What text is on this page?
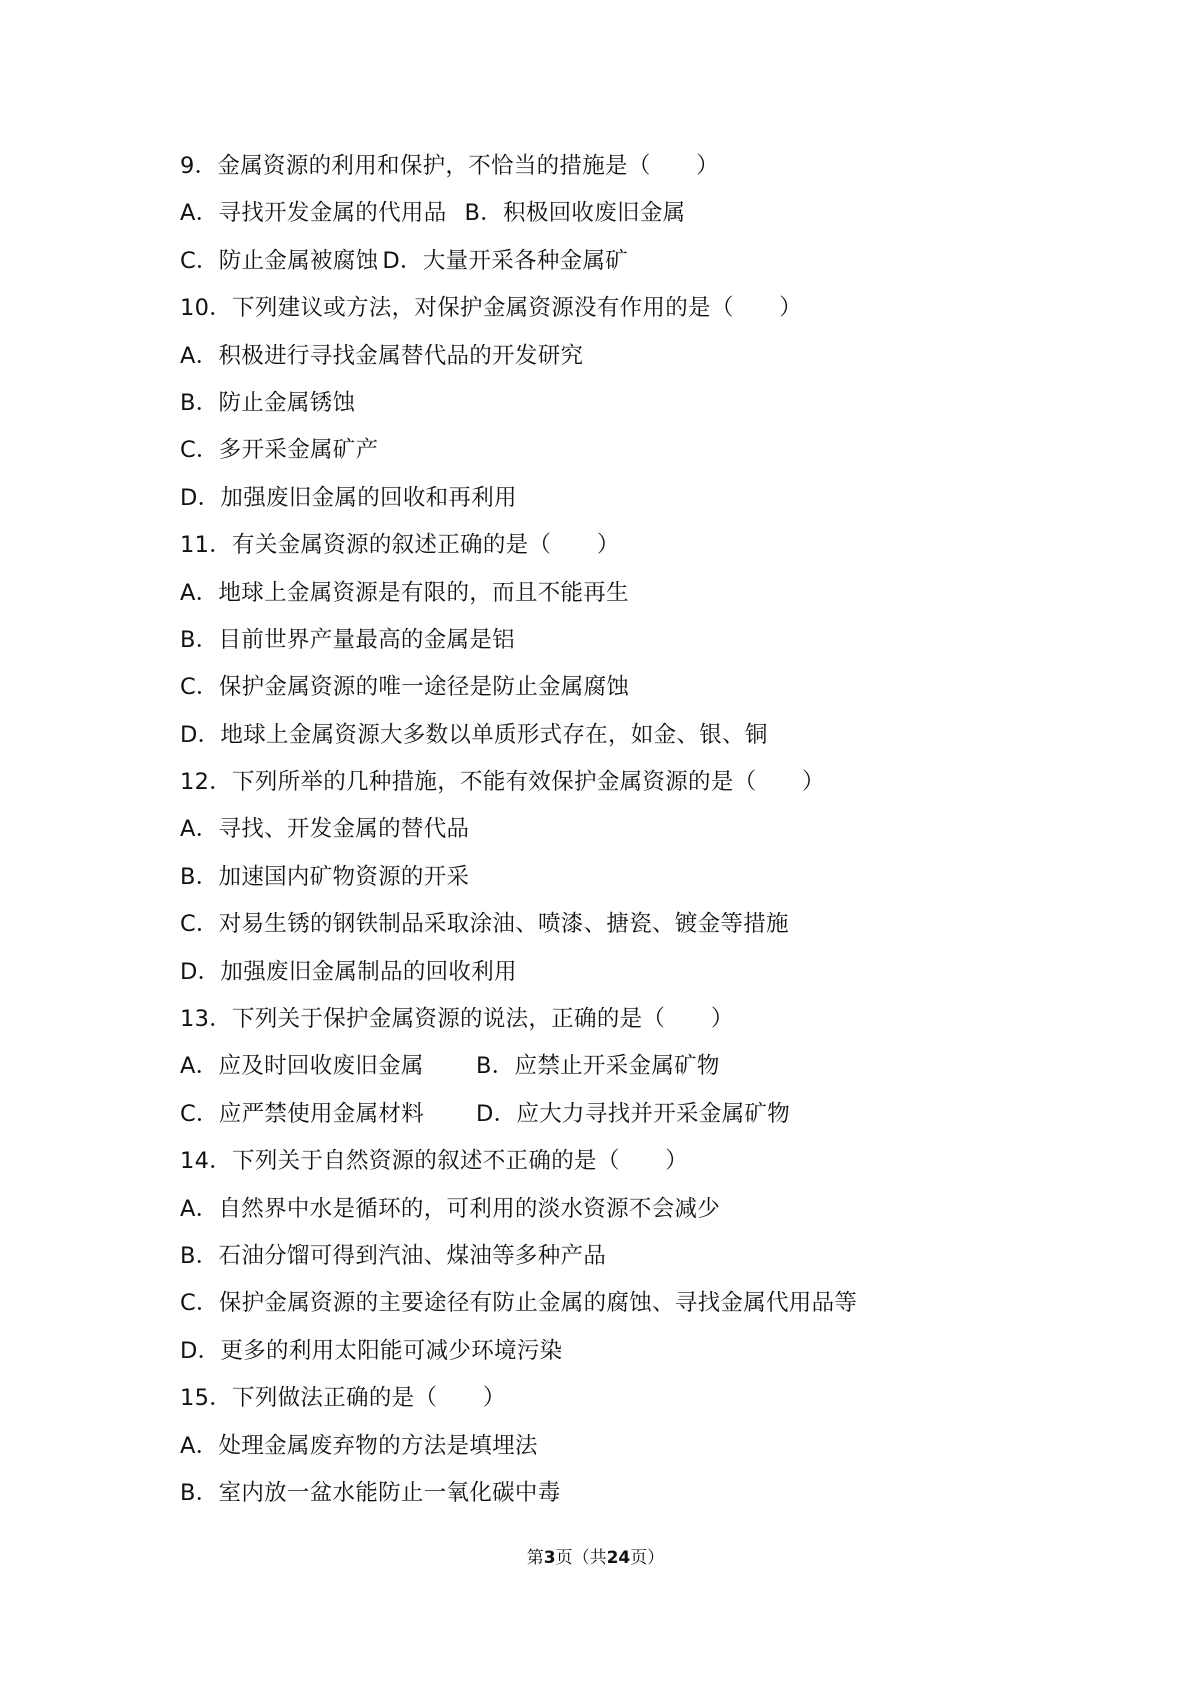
9．金属资源的利用和保护，不恰当的措施是（　　）
A．寻找开发金属的代用品 B．积极回收废旧金属
C．防止金属被腐蚀 D．大量开采各种金属矿
10．下列建议或方法，对保护金属资源没有作用的是（　　）
A．积极进行寻找金属替代品的开发研究
B．防止金属锈蚀
C．多开采金属矿产
D．加强废旧金属的回收和再利用
11．有关金属资源的叙述正确的是（　　）
A．地球上金属资源是有限的，而且不能再生
B．目前世界产量最高的金属是铝
C．保护金属资源的唯一途径是防止金属腐蚀
D．地球上金属资源大多数以单质形式存在，如金、银、铜
12．下列所举的几种措施，不能有效保护金属资源的是（　　）
A．寻找、开发金属的替代品
B．加速国内矿物资源的开采
C．对易生锈的钢铁制品采取涂油、喷漆、搪瓷、镀金等措施
D．加强废旧金属制品的回收利用
13．下列关于保护金属资源的说法，正确的是（　　）
A．应及时回收废旧金属 B．应禁止开采金属矿物
C．应严禁使用金属材料 D．应大力寻找并开采金属矿物
14．下列关于自然资源的叙述不正确的是（　　）
A．自然界中水是循环的，可利用的淡水资源不会减少
B．石油分馏可得到汽油、煤油等多种产品
C．保护金属资源的主要途径有防止金属的腐蚀、寻找金属代用品等
D．更多的利用太阳能可减少环境污染
15．下列做法正确的是（　　）
A．处理金属废弃物的方法是填埋法
B．室内放一盆水能防止一氧化碳中毒
第3页（共24页）
